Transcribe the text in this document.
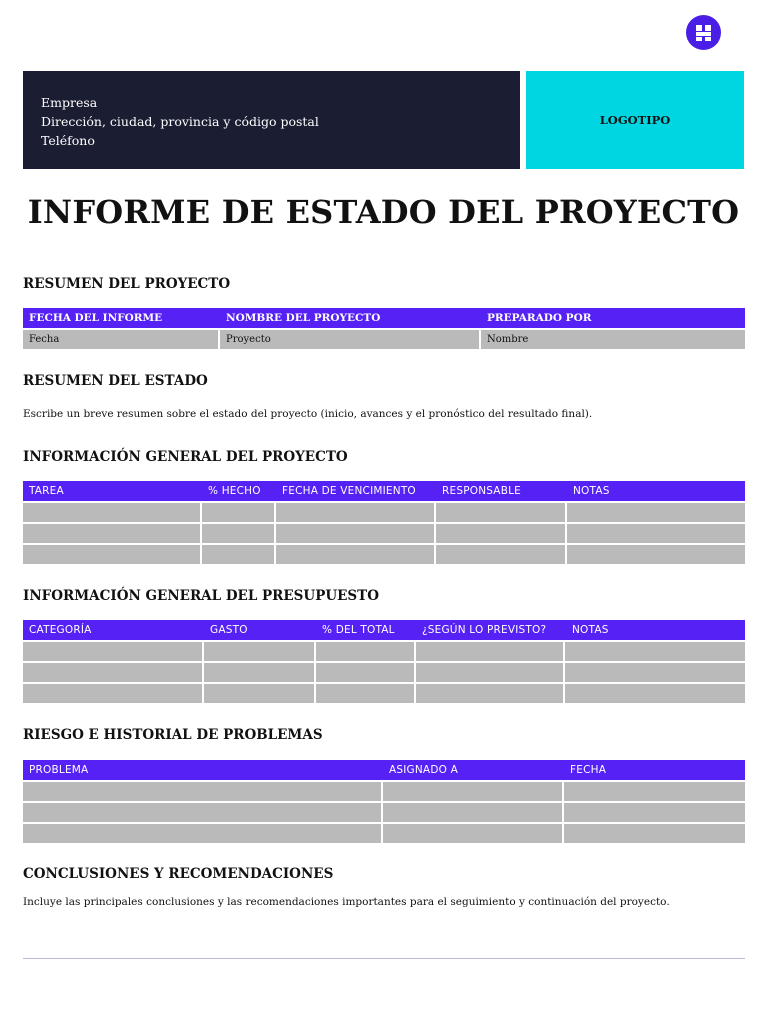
Empresa
Dirección, ciudad, provincia y código postal
Teléfono
LOGOTIPO
INFORME DE ESTADO DEL PROYECTO
RESUMEN DEL PROYECTO
FECHA DEL INFORME	NOMBRE DEL PROYECTO	PREPARADO POR
Fecha	Proyecto	Nombre
RESUMEN DEL ESTADO
Escribe un breve resumen sobre el estado del proyecto (inicio, avances y el pronóstico del resultado final).
INFORMACIÓN GENERAL DEL PROYECTO
TAREA	% HECHO	FECHA DE VENCIMIENTO	RESPONSABLE	NOTAS
INFORMACIÓN GENERAL DEL PRESUPUESTO
CATEGORÍA	GASTO	% DEL TOTAL	¿SEGÚN LO PREVISTO?	NOTAS
RIESGO E HISTORIAL DE PROBLEMAS
PROBLEMA	ASIGNADO A	FECHA
CONCLUSIONES Y RECOMENDACIONES
Incluye las principales conclusiones y las recomendaciones importantes para el seguimiento y continuación del proyecto.
